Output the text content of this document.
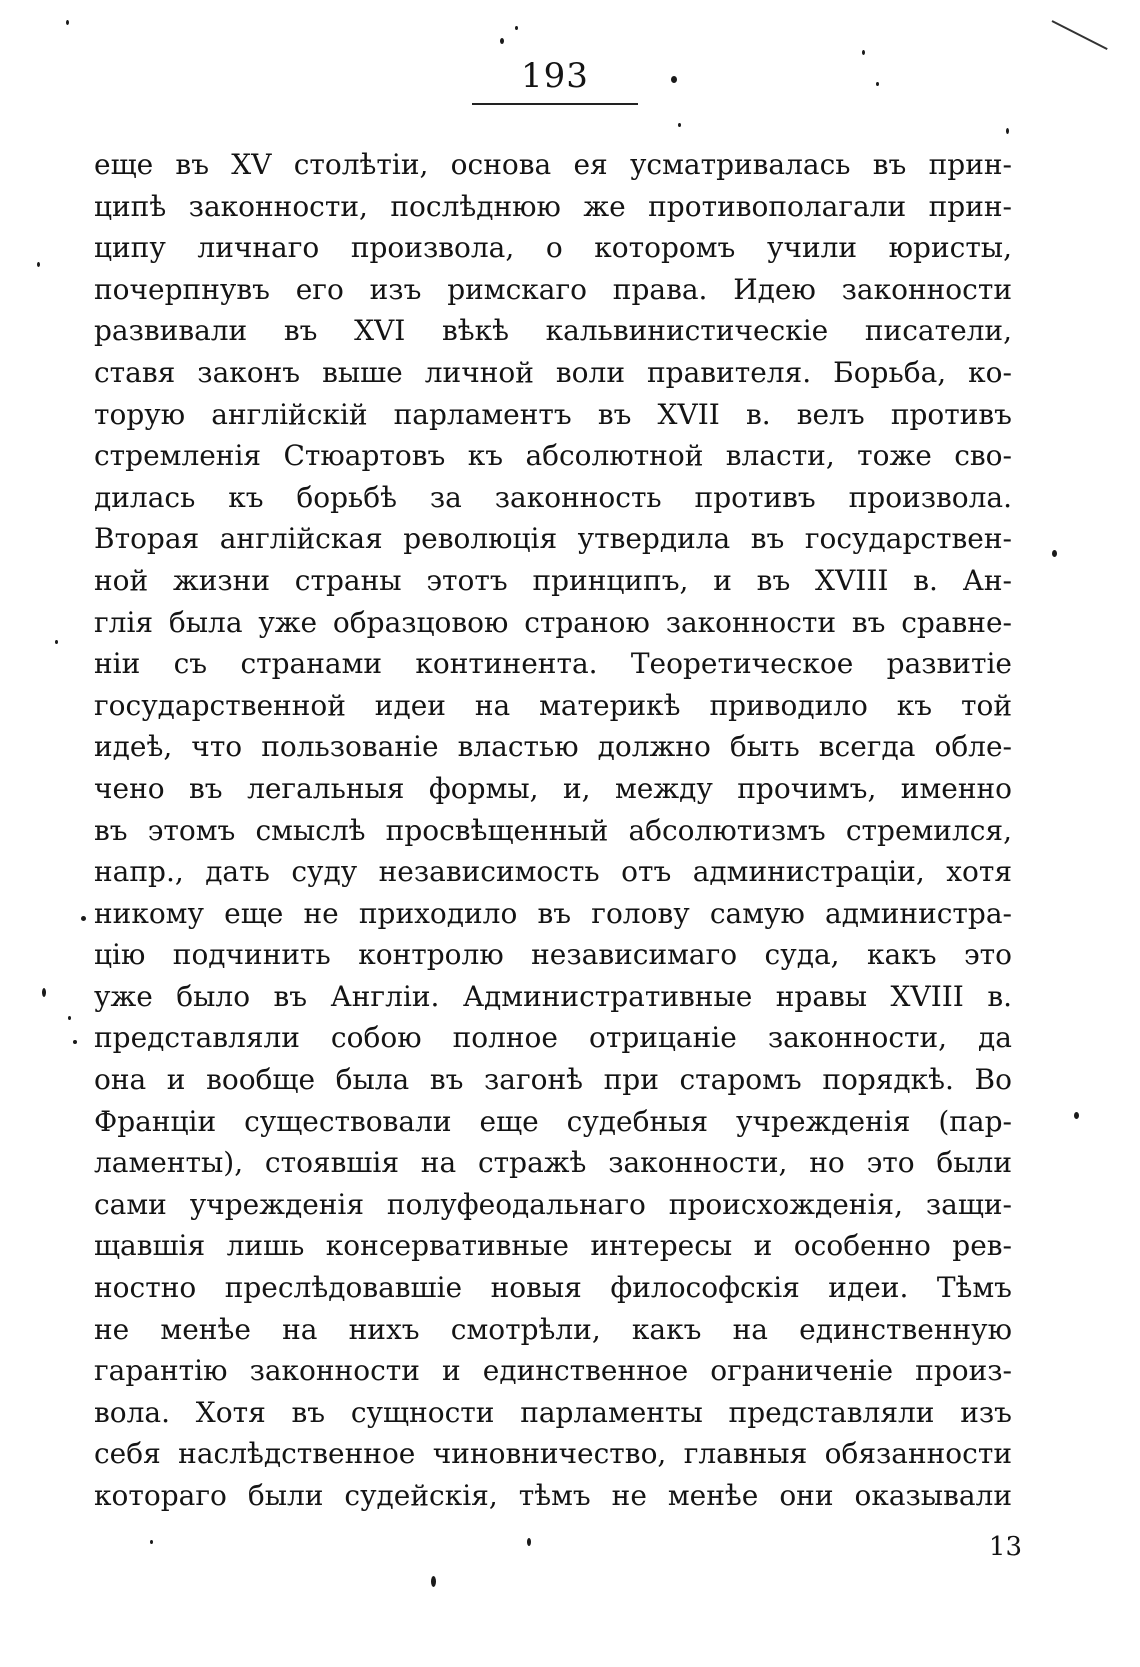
193
еще въ XV столѣтіи, основа ея усматривалась въ прин-
ципѣ законности, послѣднюю же противополагали прин-
ципу личнаго произвола, о которомъ учили юристы,
почерпнувъ его изъ римскаго права. Идею законности
развивали въ XVI вѣкѣ кальвинистическіе писатели,
ставя законъ выше личной воли правителя. Борьба, ко-
торую англійскій парламентъ въ XVII в. велъ противъ
стремленія Стюартовъ къ абсолютной власти, тоже сво-
дилась къ борьбѣ за законность противъ произвола.
Вторая англійская революція утвердила въ государствен-
ной жизни страны этотъ принципъ, и въ XVIII в. Ан-
глія была уже образцовою страною законности въ сравне-
ніи съ странами континента. Теоретическое развитіе
государственной идеи на материкѣ приводило къ той
идеѣ, что пользованіе властью должно быть всегда обле-
чено въ легальныя формы, и, между прочимъ, именно
въ этомъ смыслѣ просвѣщенный абсолютизмъ стремился,
напр., дать суду независимость отъ администраціи, хотя
никому еще не приходило въ голову самую администра-
цію подчинить контролю независимаго суда, какъ это
уже было въ Англіи. Административные нравы XVIII в.
представляли собою полное отрицаніе законности, да
она и вообще была въ загонѣ при старомъ порядкѣ. Во
Франціи существовали еще судебныя учрежденія (пар-
ламенты), стоявшія на стражѣ законности, но это были
сами учрежденія полуфеодальнаго происхожденія, защи-
щавшія лишь консервативные интересы и особенно рев-
ностно преслѣдовавшіе новыя философскія идеи. Тѣмъ
не менѣе на нихъ смотрѣли, какъ на единственную
гарантію законности и единственное ограниченіе произ-
вола. Хотя въ сущности парламенты представляли изъ
себя наслѣдственное чиновничество, главныя обязанности
котораго были судейскія, тѣмъ не менѣе они оказывали
13
